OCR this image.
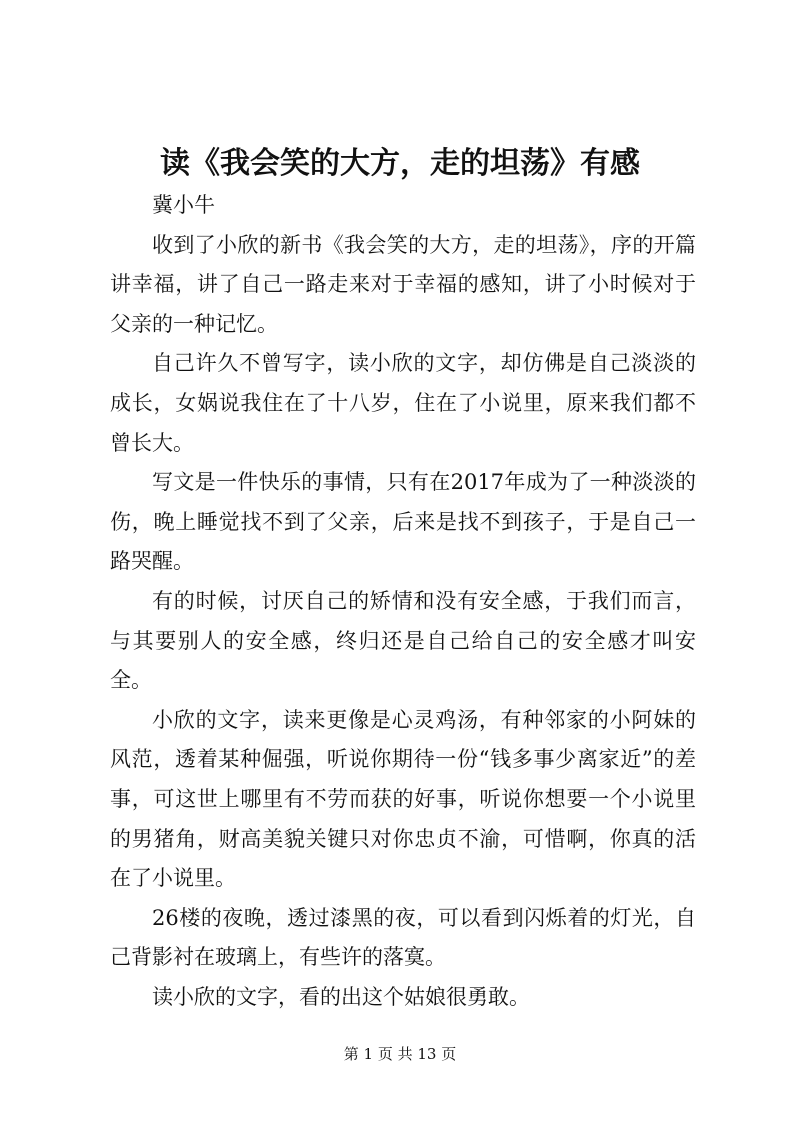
读《我会笑的大方，走的坦荡》有感

冀小牛

收到了小欣的新书《我会笑的大方，走的坦荡》，序的开篇讲幸福，讲了自己一路走来对于幸福的感知，讲了小时候对于父亲的一种记忆。

自己许久不曾写字，读小欣的文字，却仿佛是自己淡淡的成长，女娲说我住在了十八岁，住在了小说里，原来我们都不曾长大。

写文是一件快乐的事情，只有在2017年成为了一种淡淡的伤，晚上睡觉找不到了父亲，后来是找不到孩子，于是自己一路哭醒。

有的时候，讨厌自己的矫情和没有安全感，于我们而言，与其要别人的安全感，终归还是自己给自己的安全感才叫安全。

小欣的文字，读来更像是心灵鸡汤，有种邻家的小阿妹的风范，透着某种倔强，听说你期待一份“钱多事少离家近”的差事，可这世上哪里有不劳而获的好事，听说你想要一个小说里的男猪角，财高美貌关键只对你忠贞不渝，可惜啊，你真的活在了小说里。

26楼的夜晚，透过漆黑的夜，可以看到闪烁着的灯光，自己背影衬在玻璃上，有些许的落寞。

读小欣的文字，看的出这个姑娘很勇敢。

第 1 页 共 13 页
